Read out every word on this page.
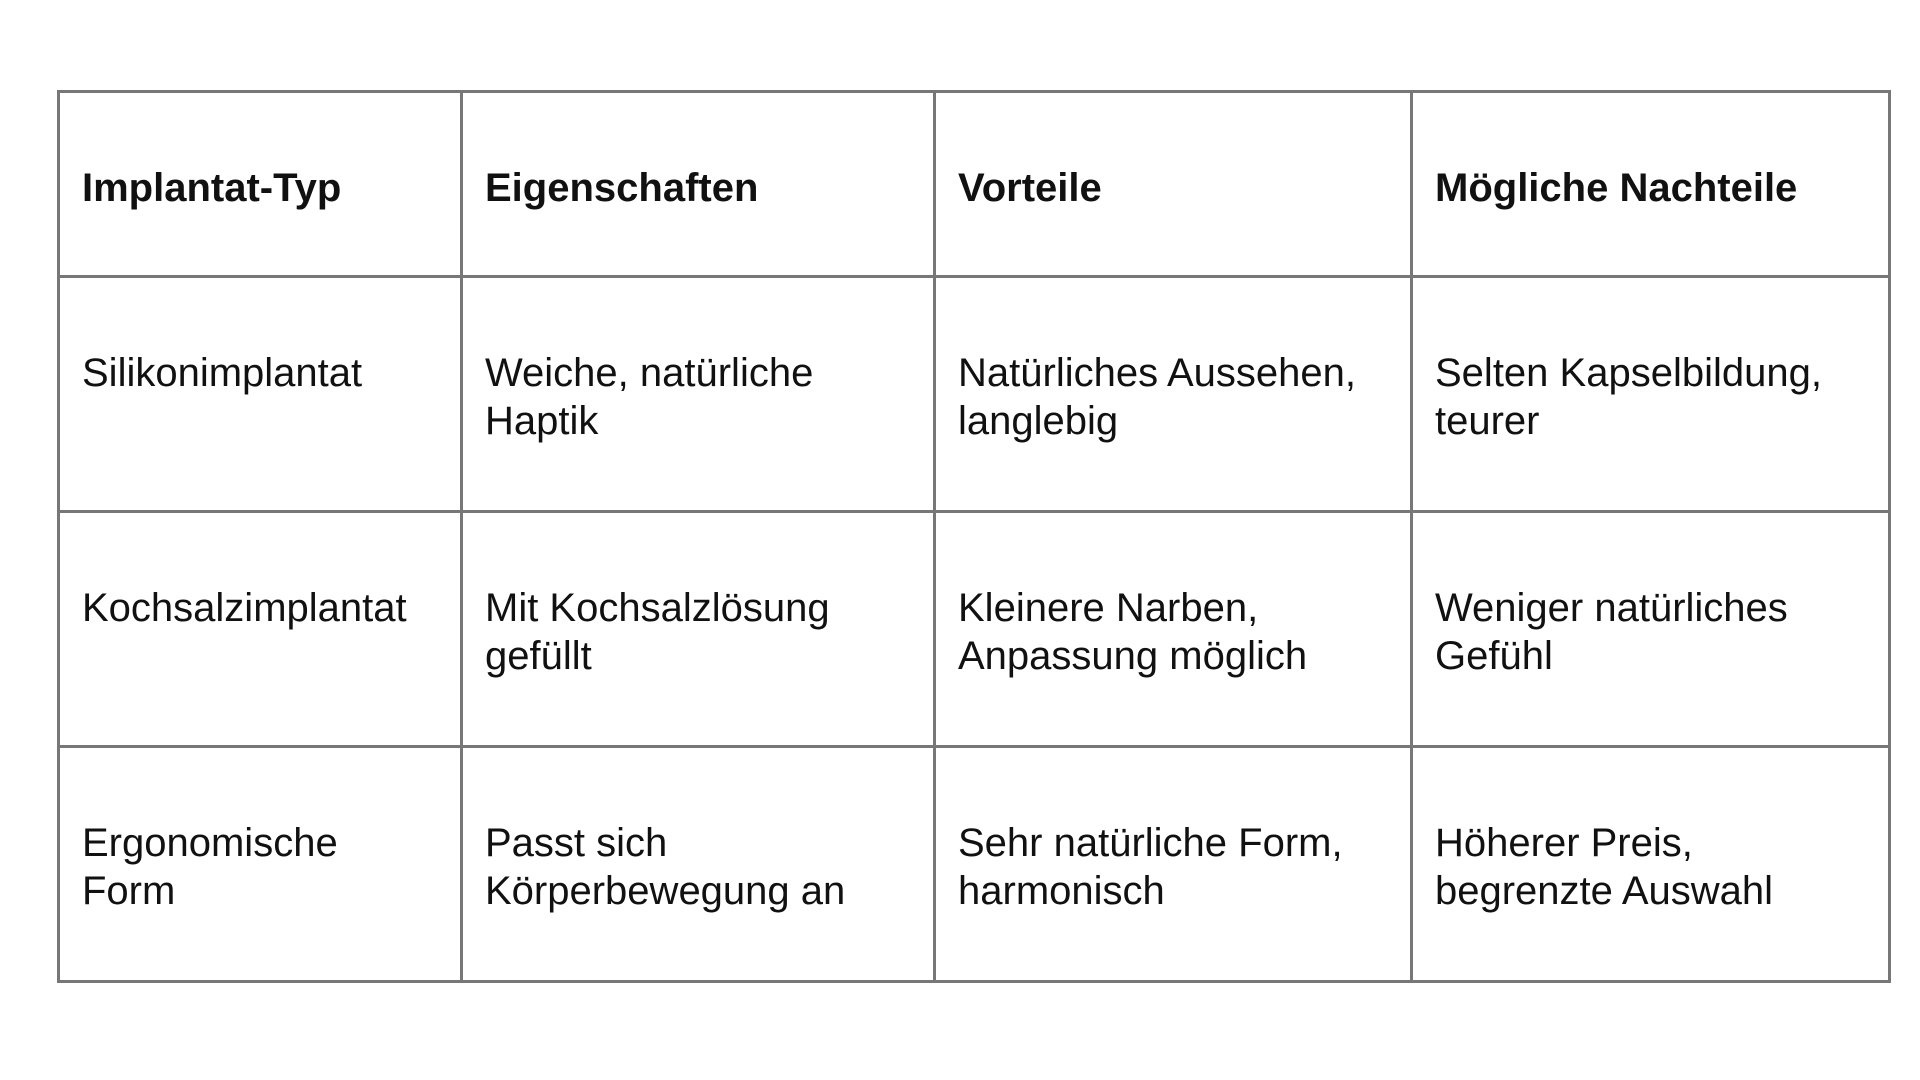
Implantat-Typ	Eigenschaften	Vorteile	Mögliche Nachteile
Silikonimplantat	Weiche, natürliche Haptik	Natürliches Aussehen, langlebig	Selten Kapselbildung, teurer
Kochsalzimplantat	Mit Kochsalzlösung gefüllt	Kleinere Narben, Anpassung möglich	Weniger natürliches Gefühl
Ergonomische Form	Passt sich Körperbewegung an	Sehr natürliche Form, harmonisch	Höherer Preis, begrenzte Auswahl
